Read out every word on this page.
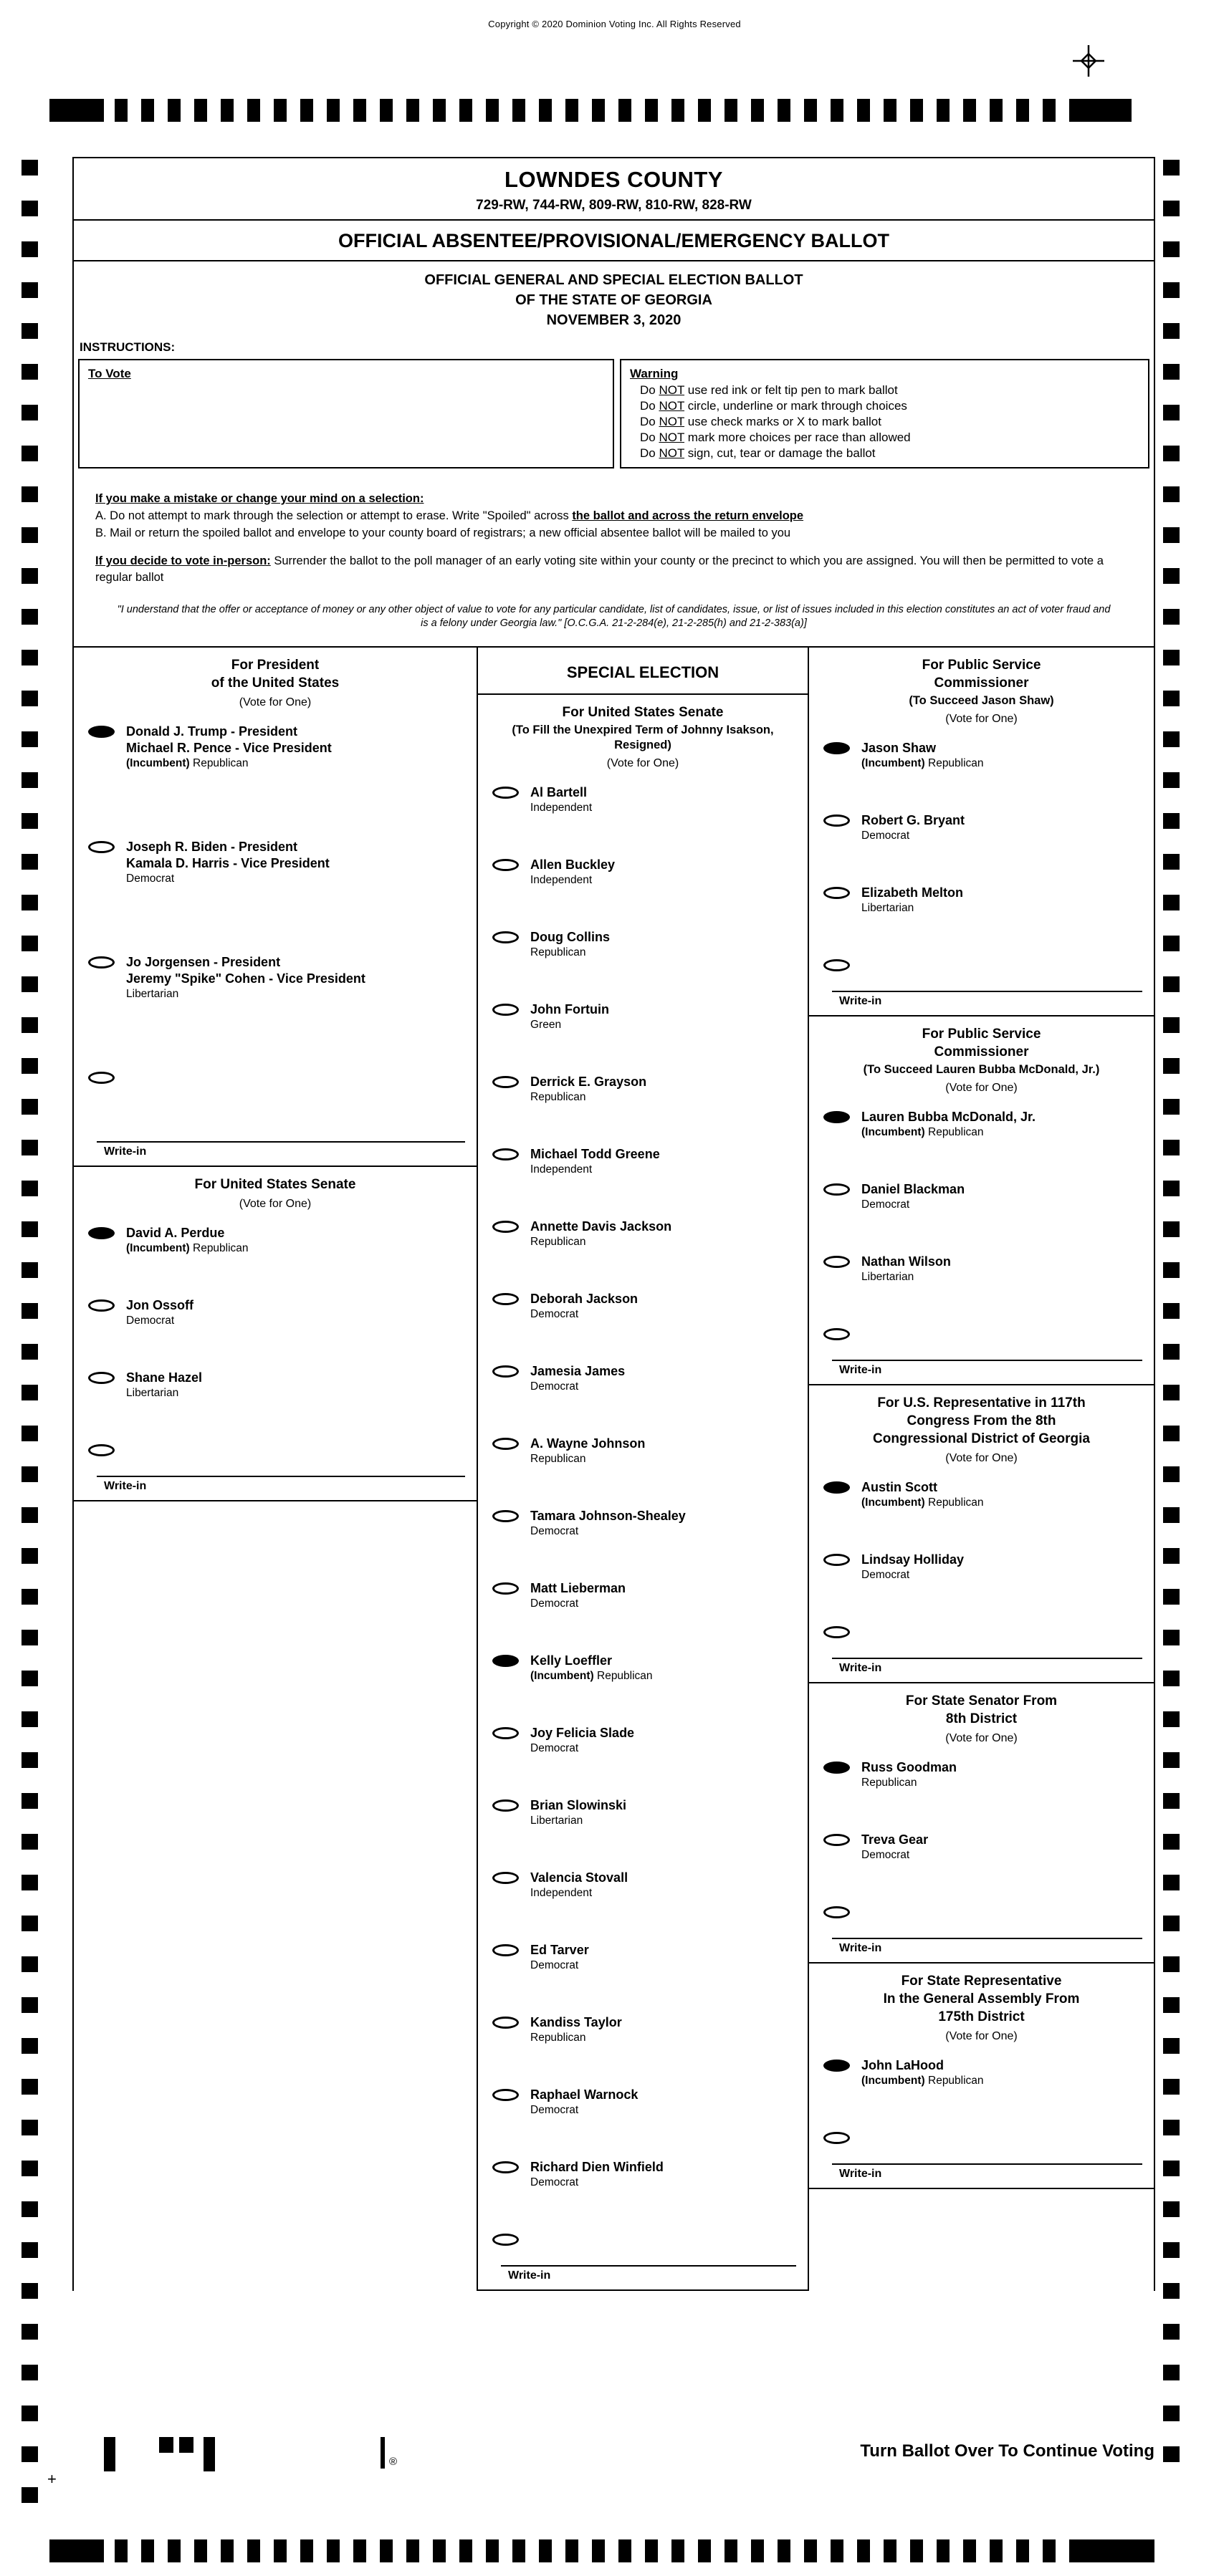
Copyright © 2020 Dominion Voting Inc. All Rights Reserved
LOWNDES COUNTY
729-RW, 744-RW, 809-RW, 810-RW, 828-RW
OFFICIAL ABSENTEE/PROVISIONAL/EMERGENCY BALLOT
OFFICIAL GENERAL AND SPECIAL ELECTION BALLOT
OF THE STATE OF GEORGIA
NOVEMBER 3, 2020
INSTRUCTIONS:
To Vote	Warning
Do NOT use red ink or felt tip pen to mark ballot
Do NOT circle, underline or mark through choices
Do NOT use check marks or X to mark ballot
Do NOT mark more choices per race than allowed
Do NOT sign, cut, tear or damage the ballot
If you make a mistake or change your mind on a selection:
A. Do not attempt to mark through the selection or attempt to erase. Write "Spoiled" across the ballot and across the return envelope
B. Mail or return the spoiled ballot and envelope to your county board of registrars; a new official absentee ballot will be mailed to you
If you decide to vote in-person: Surrender the ballot to the poll manager of an early voting site within your county or the precinct to which you are assigned. You will then be permitted to vote a regular ballot
"I understand that the offer or acceptance of money or any other object of value to vote for any particular candidate, list of candidates, issue, or list of issues included in this election constitutes an act of voter fraud and is a felony under Georgia law." [O.C.G.A. 21-2-284(e), 21-2-285(h) and 21-2-383(a)]
For President
of the United States
(Vote for One)
Donald J. Trump - President
Michael R. Pence - Vice President
(Incumbent) Republican
Joseph R. Biden - President
Kamala D. Harris - Vice President
Democrat
Jo Jorgensen - President
Jeremy "Spike" Cohen - Vice President
Libertarian
Write-in
For United States Senate
(Vote for One)
David A. Perdue
(Incumbent) Republican
Jon Ossoff
Democrat
Shane Hazel
Libertarian
Write-in
SPECIAL ELECTION
For United States Senate
(To Fill the Unexpired Term of Johnny Isakson, Resigned)
(Vote for One)
Al Bartell
Independent
Allen Buckley
Independent
Doug Collins
Republican
John Fortuin
Green
Derrick E. Grayson
Republican
Michael Todd Greene
Independent
Annette Davis Jackson
Republican
Deborah Jackson
Democrat
Jamesia James
Democrat
A. Wayne Johnson
Republican
Tamara Johnson-Shealey
Democrat
Matt Lieberman
Democrat
Kelly Loeffler
(Incumbent) Republican
Joy Felicia Slade
Democrat
Brian Slowinski
Libertarian
Valencia Stovall
Independent
Ed Tarver
Democrat
Kandiss Taylor
Republican
Raphael Warnock
Democrat
Richard Dien Winfield
Democrat
Write-in
For Public Service
Commissioner
(To Succeed Jason Shaw)
(Vote for One)
Jason Shaw
(Incumbent) Republican
Robert G. Bryant
Democrat
Elizabeth Melton
Libertarian
Write-in
For Public Service
Commissioner
(To Succeed Lauren Bubba McDonald, Jr.)
(Vote for One)
Lauren Bubba McDonald, Jr.
(Incumbent) Republican
Daniel Blackman
Democrat
Nathan Wilson
Libertarian
Write-in
For U.S. Representative in 117th
Congress From the 8th
Congressional District of Georgia
(Vote for One)
Austin Scott
(Incumbent) Republican
Lindsay Holliday
Democrat
Write-in
For State Senator From
8th District
(Vote for One)
Russ Goodman
Republican
Treva Gear
Democrat
Write-in
For State Representative
In the General Assembly From
175th District
(Vote for One)
John LaHood
(Incumbent) Republican
Write-in
+
®
Turn Ballot Over To Continue Voting
